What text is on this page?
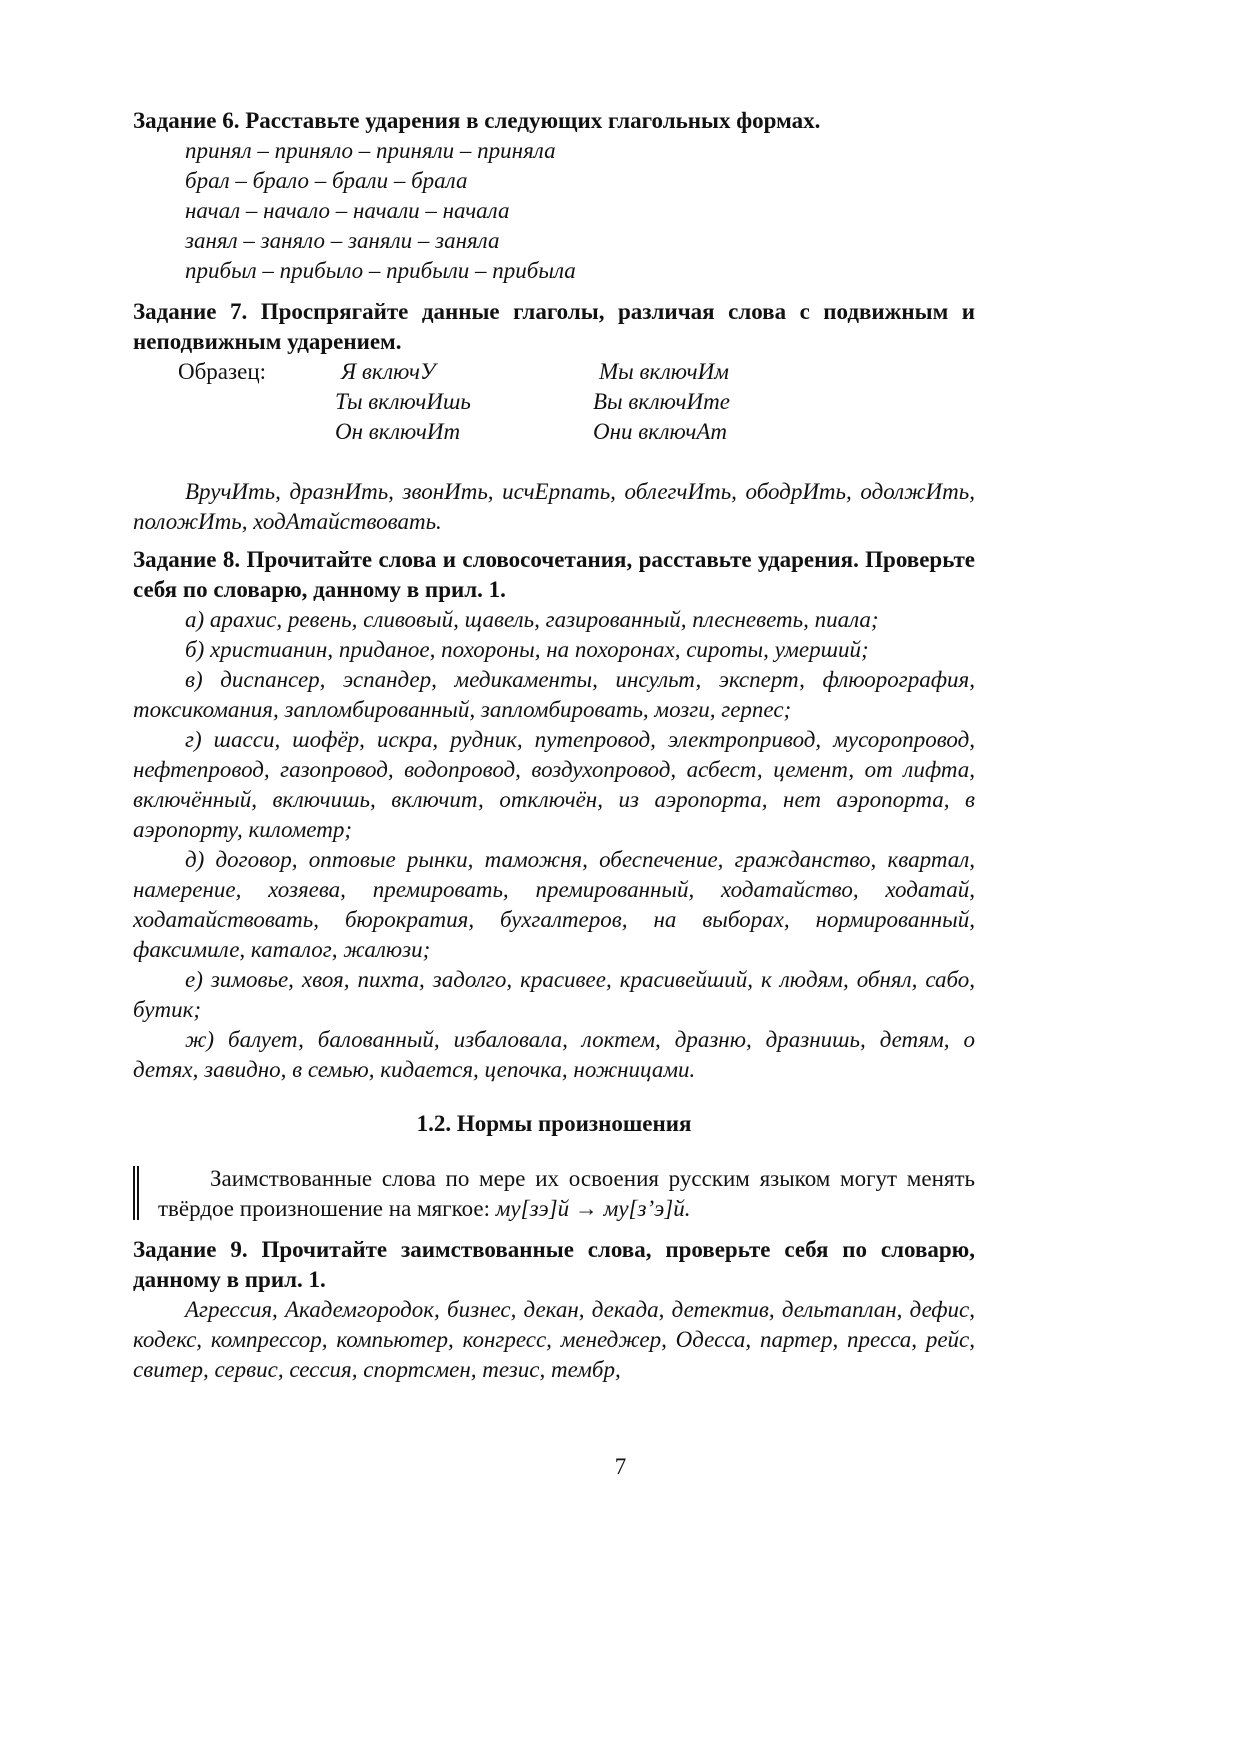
Задание 6. Расставьте ударения в следующих глагольных формах.

принял – приняло – приняли – приняла
брал – брало – брали – брала
начал – начало – начали – начала
занял – заняло – заняли – заняла
прибыл – прибыло – прибыли – прибыла

Задание 7. Проспрягайте данные глаголы, различая слова с подвижным и неподвижным ударением.

Образец:	Я включУ
Ты включИшь
Он включИт
Мы включИм
Вы включИте
Они включАт

ВручИть, дразнИть, звонИть, исчЕрпать, облегчИть, ободрИть, одолжИть, положИть, ходАтайствовать.

Задание 8. Прочитайте слова и словосочетания, расставьте ударения. Проверьте себя по словарю, данному в прил. 1.

а) арахис, ревень, сливовый, щавель, газированный, плесневеть, пиала;

б) христианин, приданое, похороны, на похоронах, сироты, умерший;

в) диспансер, эспандер, медикаменты, инсульт, эксперт, флюорография, токсикомания, запломбированный, запломбировать, мозги, герпес;

г) шасси, шофёр, искра, рудник, путепровод, электропривод, мусоропровод, нефтепровод, газопровод, водопровод, воздухопровод, асбест, цемент, от лифта, включённый, включишь, включит, отключён, из аэропорта, нет аэропорта, в аэропорту, километр;

д) договор, оптовые рынки, таможня, обеспечение, гражданство, квартал, намерение, хозяева, премировать, премированный, ходатайство, ходатай, ходатайствовать, бюрократия, бухгалтеров, на выборах, нормированный, факсимиле, каталог, жалюзи;

е) зимовье, хвоя, пихта, задолго, красивее, красивейший, к людям, обнял, сабо, бутик;

ж) балует, балованный, избаловала, локтем, дразню, дразнишь, детям, о детях, завидно, в семью, кидается, цепочка, ножницами.

1.2. Нормы произношения

Заимствованные слова по мере их освоения русским языком могут менять твёрдое произношение на мягкое: му[зэ]й → му[з’э]й.

Задание 9. Прочитайте заимствованные слова, проверьте себя по словарю, данному в прил. 1.

Агрессия, Академгородок, бизнес, декан, декада, детектив, дельтаплан, дефис, кодекс, компрессор, компьютер, конгресс, менеджер, Одесса, партер, пресса, рейс, свитер, сервис, сессия, спортсмен, тезис, тембр,

7
